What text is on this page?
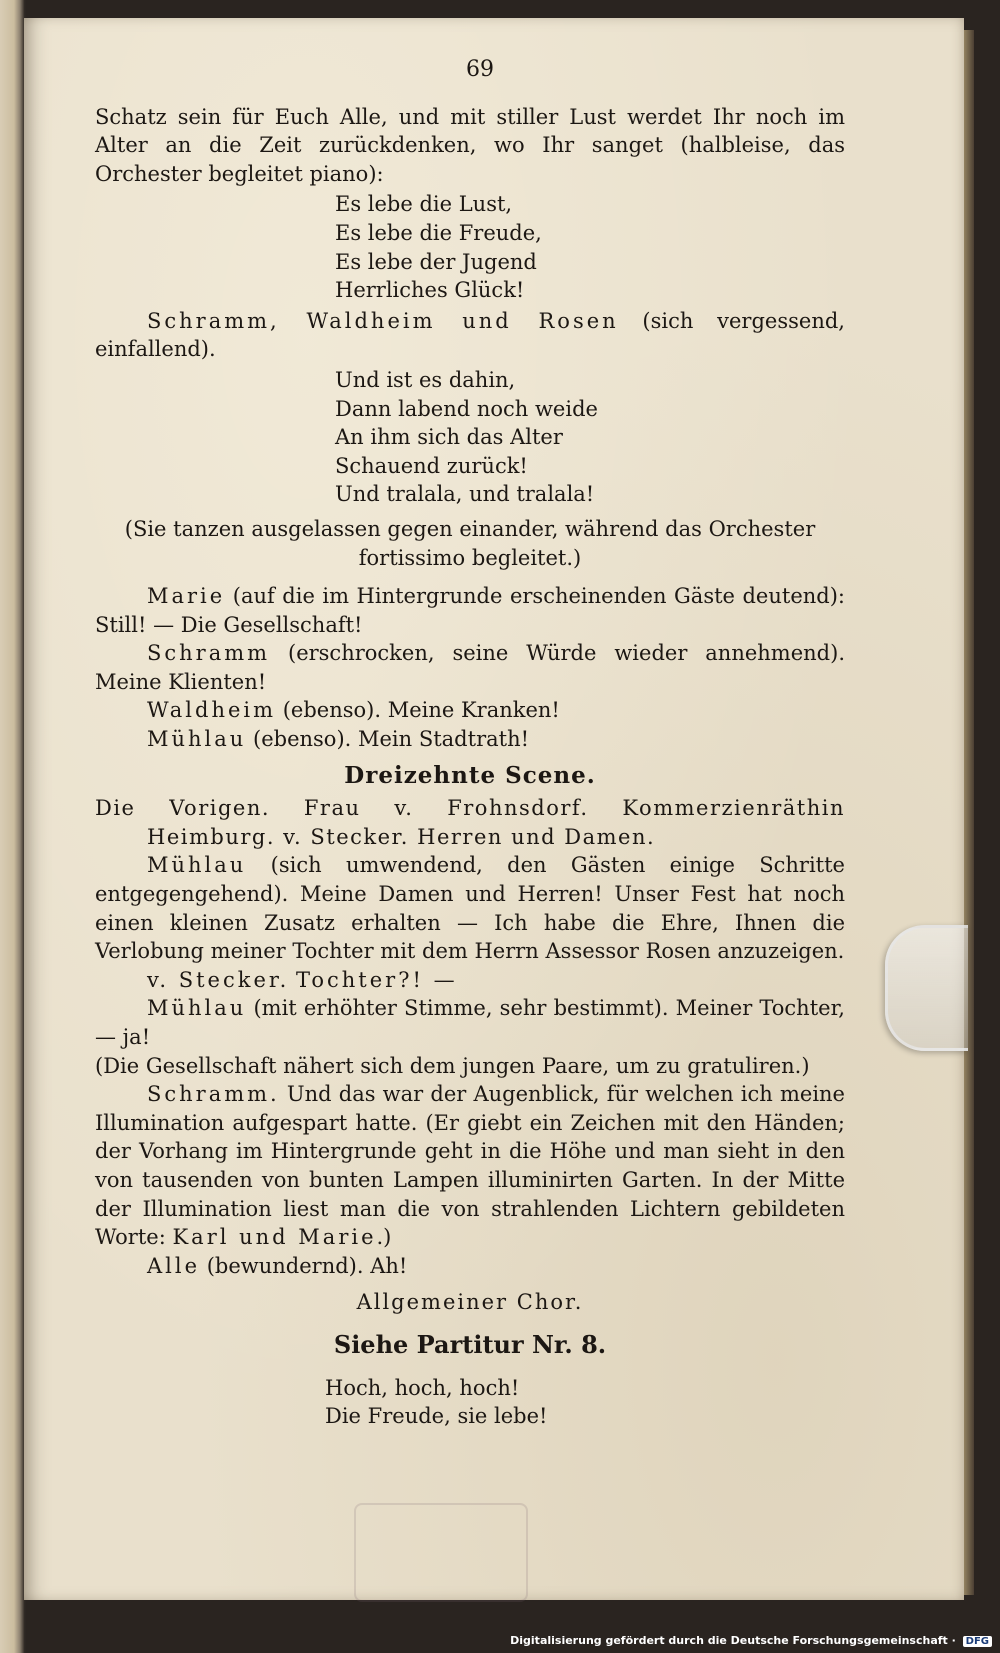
69

Schatz sein für Euch Alle, und mit stiller Lust werdet Ihr noch im Alter an die Zeit zurückdenken, wo Ihr sanget (halbleise, das Orchester begleitet piano):

Es lebe die Lust,
Es lebe die Freude,
Es lebe der Jugend
Herrliches Glück!

Schramm, Waldheim und Rosen (sich vergessend, einfallend).

Und ist es dahin,
Dann labend noch weide
An ihm sich das Alter
Schauend zurück!
Und tralala, und tralala!

(Sie tanzen ausgelassen gegen einander, während das Orchester fortissimo begleitet.)

Marie (auf die im Hintergrunde erscheinenden Gäste deutend): Still! — Die Gesellschaft!

Schramm (erschrocken, seine Würde wieder annehmend). Meine Klienten!

Waldheim (ebenso). Meine Kranken!

Mühlau (ebenso). Mein Stadtrath!

Dreizehnte Scene.

Die Vorigen. Frau v. Frohnsdorf. Kommerzienräthin Heimburg. v. Stecker. Herren und Damen.

Mühlau (sich umwendend, den Gästen einige Schritte entgegengehend). Meine Damen und Herren! Unser Fest hat noch einen kleinen Zusatz erhalten — Ich habe die Ehre, Ihnen die Verlobung meiner Tochter mit dem Herrn Assessor Rosen anzuzeigen.

v. Stecker. Tochter?! —

Mühlau (mit erhöhter Stimme, sehr bestimmt). Meiner Tochter, — ja!

(Die Gesellschaft nähert sich dem jungen Paare, um zu gratuliren.)

Schramm. Und das war der Augenblick, für welchen ich meine Illumination aufgespart hatte. (Er giebt ein Zeichen mit den Händen; der Vorhang im Hintergrunde geht in die Höhe und man sieht in den von tausenden von bunten Lampen illuminirten Garten. In der Mitte der Illumination liest man die von strahlenden Lichtern gebildeten Worte: Karl und Marie.)

Alle (bewundernd). Ah!

Allgemeiner Chor.
Siehe Partitur Nr. 8.
Hoch, hoch, hoch!
Die Freude, sie lebe!
Digitalisierung gefördert durch die Deutsche Forschungsgemeinschaft · DFG
